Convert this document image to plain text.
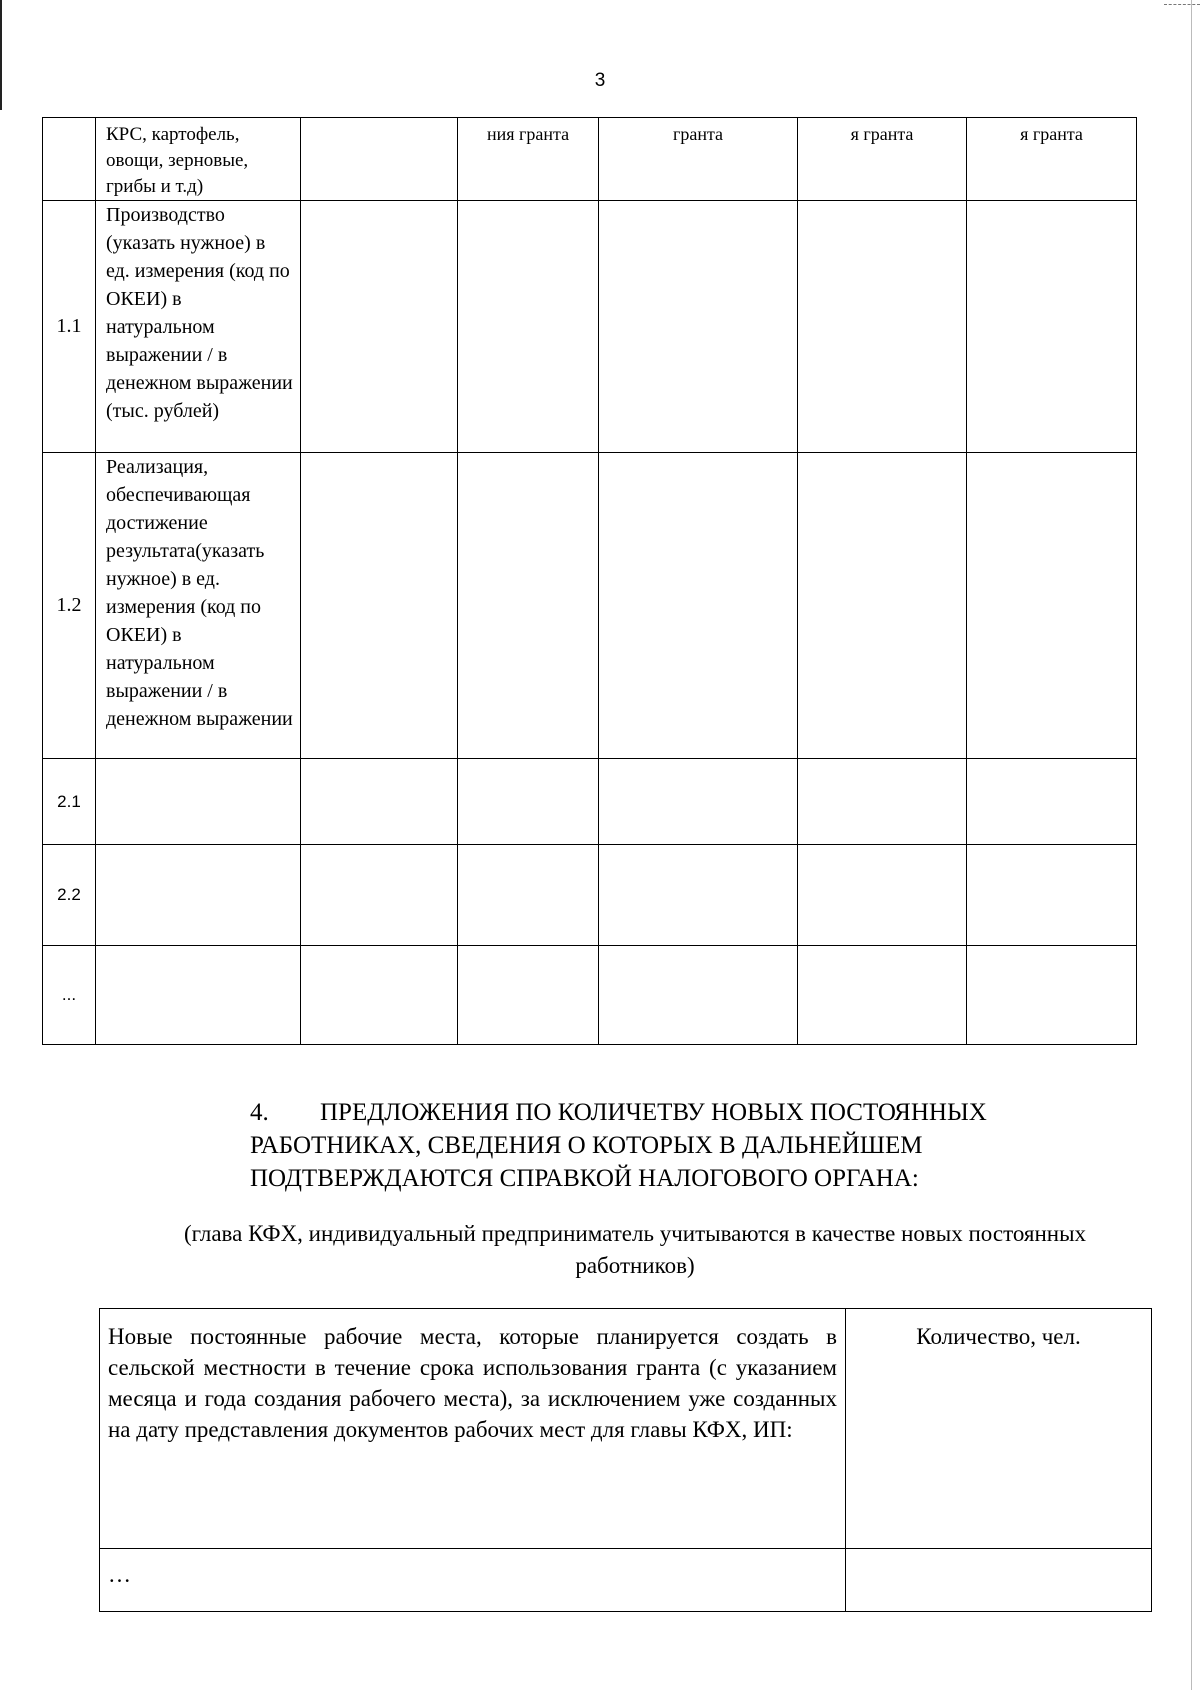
3
	КРС, картофель, овощи, зерновые, грибы и т.д)		ния гранта	гранта	я гранта	я гранта
1.1	Производство (указать нужное) в ед. измерения (код по ОКЕИ) в натуральном выражении / в денежном выражении (тыс. рублей)					
1.2	Реализация, обеспечивающая достижение результата(указать нужное) в ед. измерения (код по ОКЕИ) в натуральном выражении / в денежном выражении					
2.1						
2.2						
...						
4. ПРЕДЛОЖЕНИЯ ПО КОЛИЧЕТВУ НОВЫХ ПОСТОЯННЫХ РАБОТНИКАХ, СВЕДЕНИЯ О КОТОРЫХ В ДАЛЬНЕЙШЕМ ПОДТВЕРЖДАЮТСЯ СПРАВКОЙ НАЛОГОВОГО ОРГАНА:
(глава КФХ, индивидуальный предприниматель учитываются в качестве новых постоянных работников)
Новые постоянные рабочие места, которые планируется создать в сельской местности в течение срока использования гранта (с указанием месяца и года создания рабочего места), за исключением уже созданных на дату представления документов рабочих мест для главы КФХ, ИП:	Количество, чел.
…	
